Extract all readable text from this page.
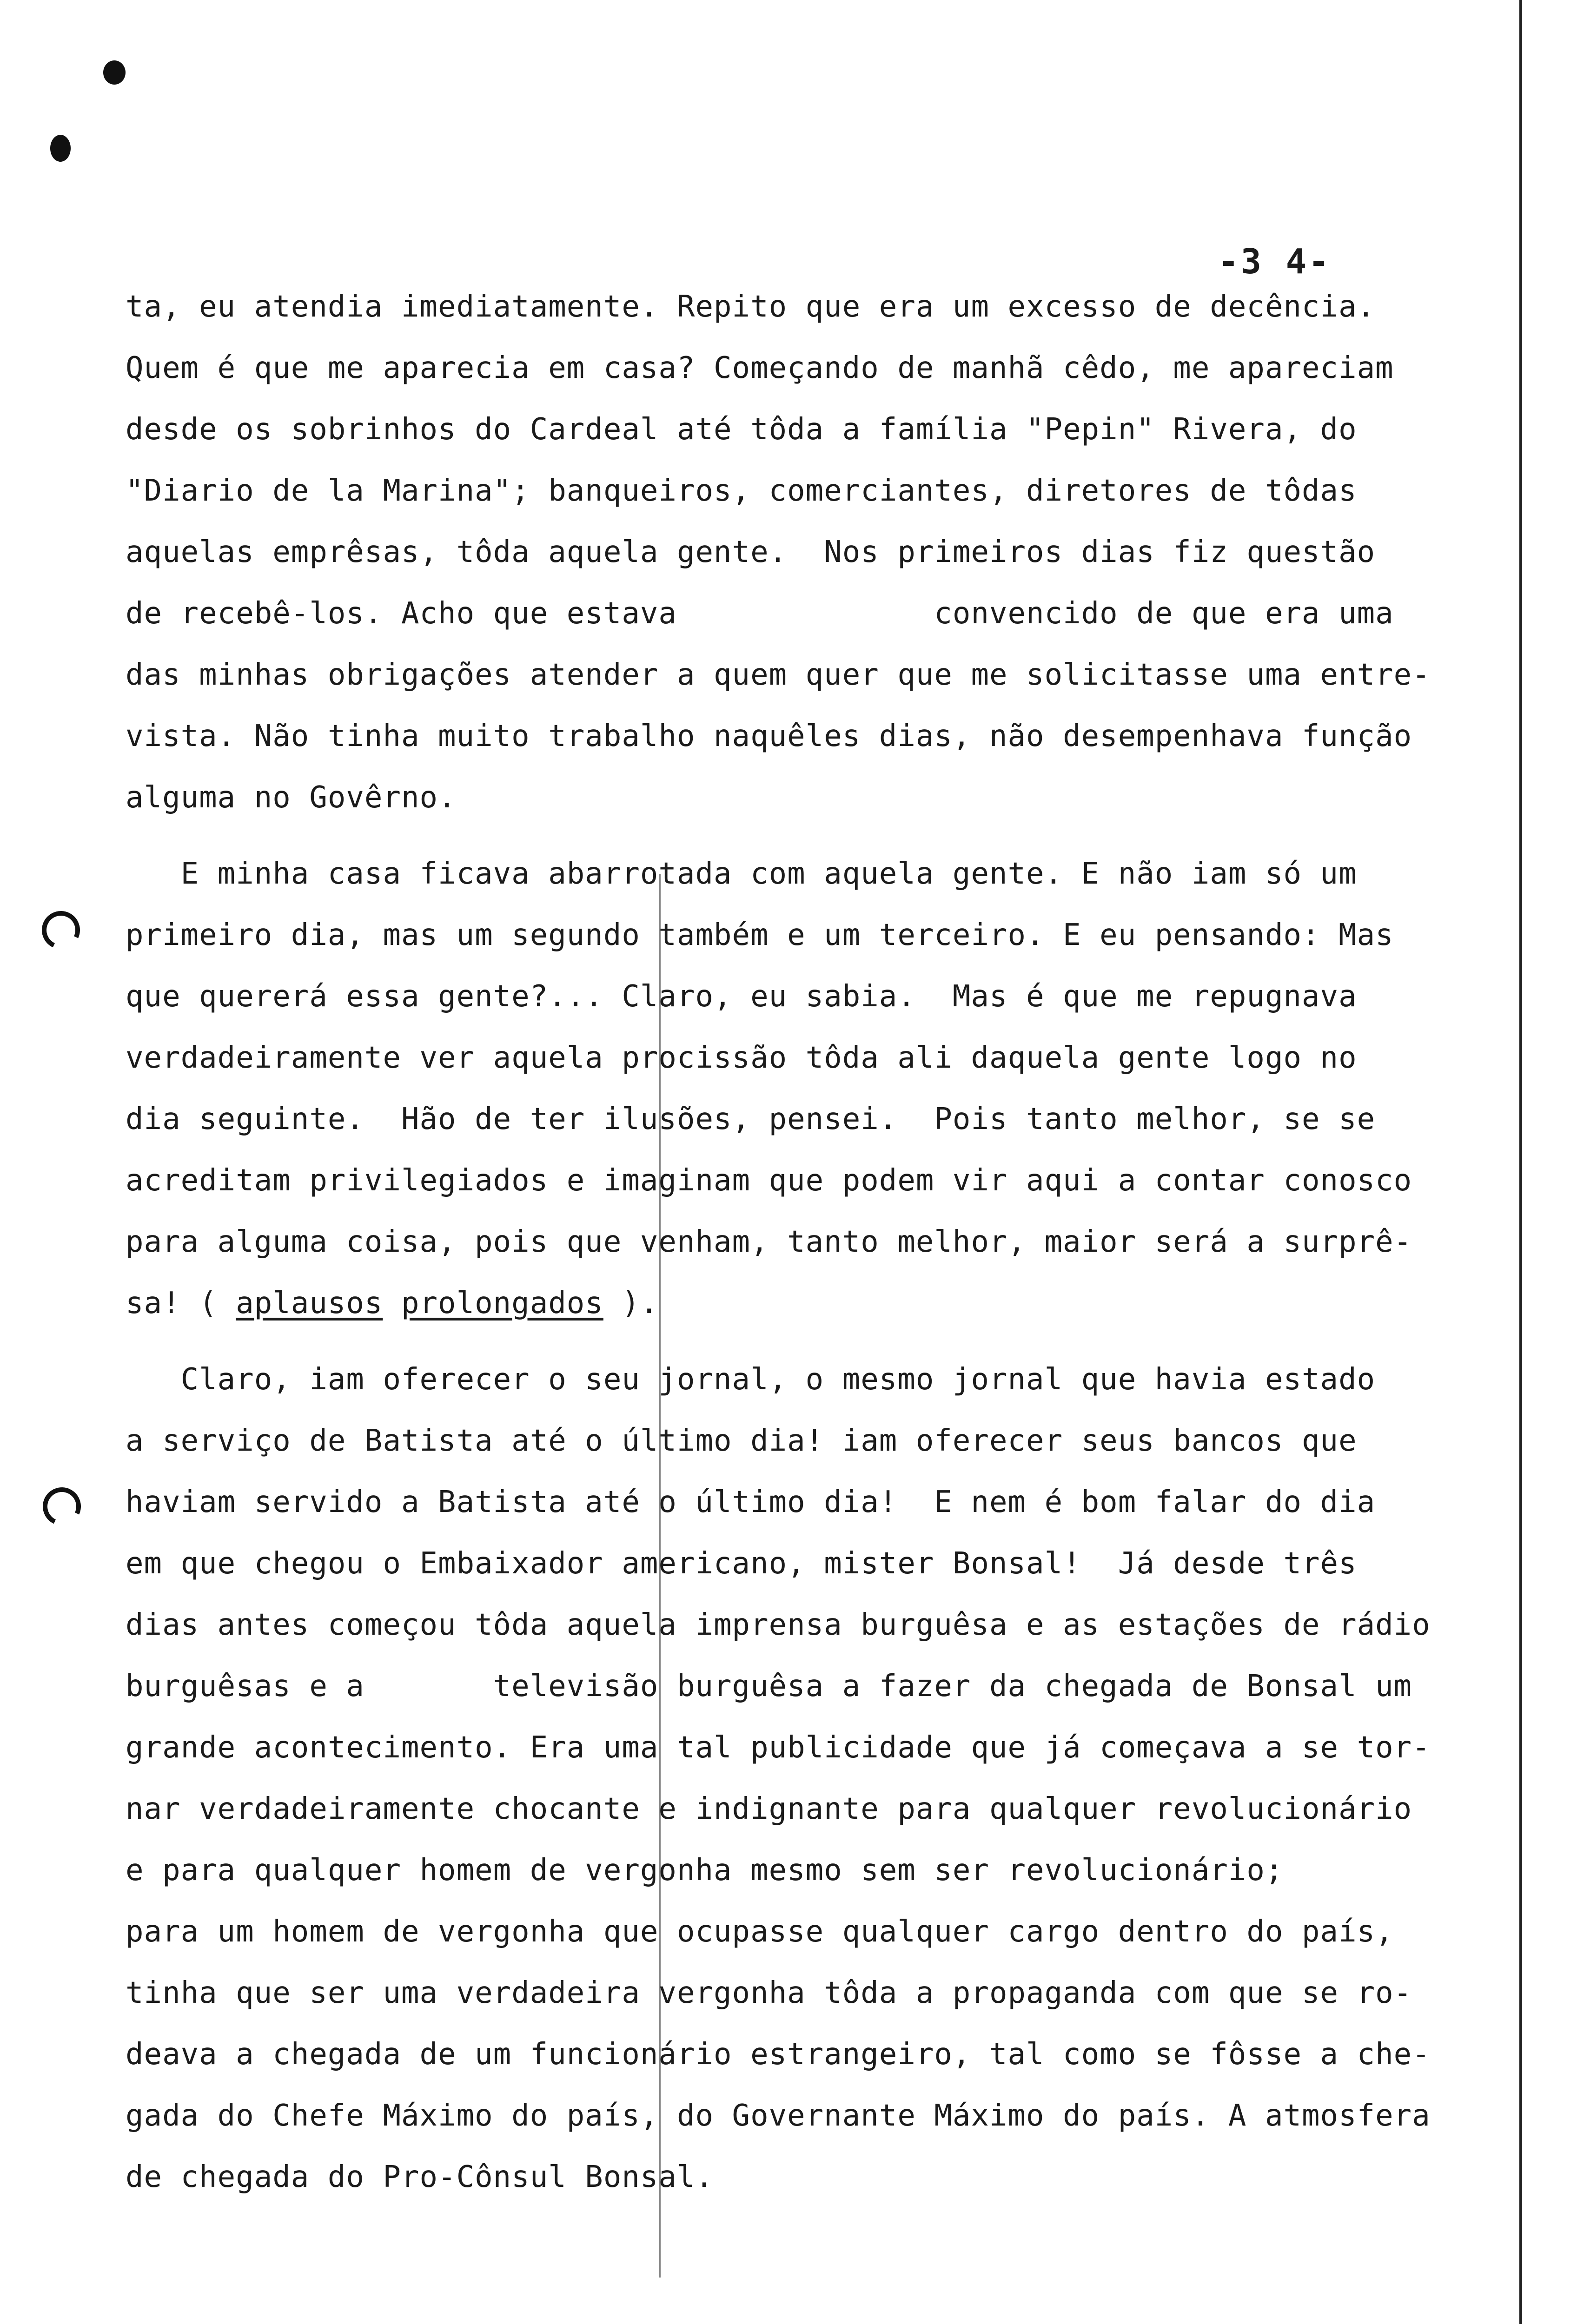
-3 4-
ta, eu atendia imediatamente. Repito que era um excesso de decência.
Quem é que me aparecia em casa? Começando de manhã cêdo, me apareciam
desde os sobrinhos do Cardeal até tôda a família "Pepin" Rivera, do
"Diario de la Marina"; banqueiros, comerciantes, diretores de tôdas
aquelas emprêsas, tôda aquela gente.  Nos primeiros dias fiz questão
de recebê-los. Acho que estava              convencido de que era uma
das minhas obrigações atender a quem quer que me solicitasse uma entre-
vista. Não tinha muito trabalho naquêles dias, não desempenhava função
alguma no Govêrno.
E minha casa ficava abarrotada com aquela gente. E não iam só um
primeiro dia, mas um segundo também e um terceiro. E eu pensando: Mas
que quererá essa gente?... Claro, eu sabia.  Mas é que me repugnava
verdadeiramente ver aquela procissão tôda ali daquela gente logo no
dia seguinte.  Hão de ter ilusões, pensei.  Pois tanto melhor, se se
acreditam privilegiados e imaginam que podem vir aqui a contar conosco
para alguma coisa, pois que venham, tanto melhor, maior será a surprê-
sa! ( aplausos prolongados ).
Claro, iam oferecer o seu jornal, o mesmo jornal que havia estado
a serviço de Batista até o último dia! iam oferecer seus bancos que
haviam servido a Batista até o último dia!  E nem é bom falar do dia
em que chegou o Embaixador americano, mister Bonsal!  Já desde três
dias antes começou tôda aquela imprensa burguêsa e as estações de rádio
burguêsas e a       televisão burguêsa a fazer da chegada de Bonsal um
grande acontecimento. Era uma tal publicidade que já começava a se tor-
nar verdadeiramente chocante e indignante para qualquer revolucionário
e para qualquer homem de vergonha mesmo sem ser revolucionário;
para um homem de vergonha que ocupasse qualquer cargo dentro do país,
tinha que ser uma verdadeira vergonha tôda a propaganda com que se ro-
deava a chegada de um funcionário estrangeiro, tal como se fôsse a che-
gada do Chefe Máximo do país, do Governante Máximo do país. A atmosfera
de chegada do Pro-Cônsul Bonsal.
